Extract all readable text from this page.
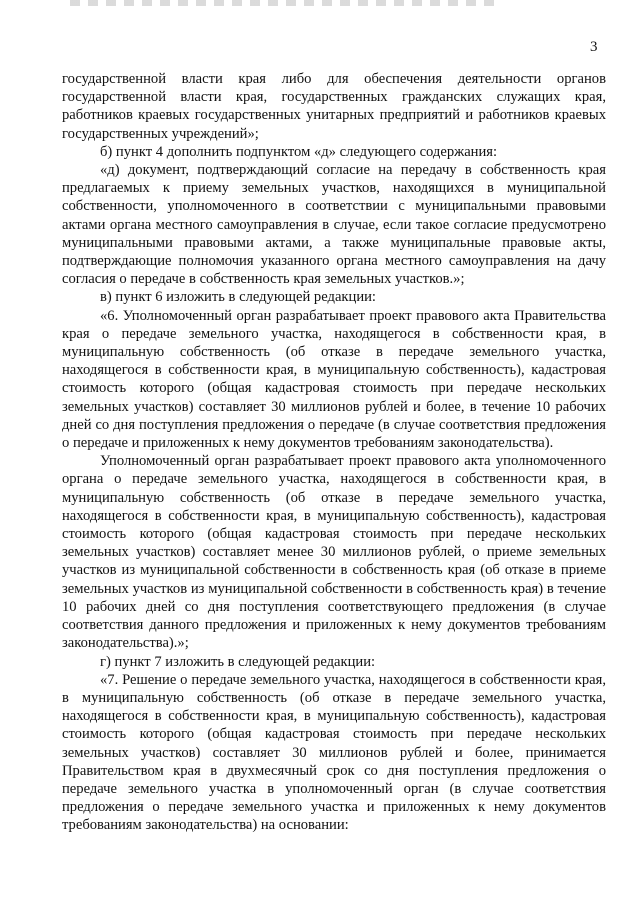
3

государственной власти края либо для обеспечения деятельности органов государственной власти края, государственных гражданских служащих края, работников краевых государственных унитарных предприятий и работников краевых государственных учреждений»;

б) пункт 4 дополнить подпунктом «д» следующего содержания:

«д) документ, подтверждающий согласие на передачу в собственность края предлагаемых к приему земельных участков, находящихся в муниципальной собственности, уполномоченного в соответствии с муниципальными правовыми актами органа местного самоуправления в случае, если такое согласие предусмотрено муниципальными правовыми актами, а также муниципальные правовые акты, подтверждающие полномочия указанного органа местного самоуправления на дачу согласия о передаче в собственность края земельных участков.»;

в) пункт 6 изложить в следующей редакции:

«6. Уполномоченный орган разрабатывает проект правового акта Правительства края о передаче земельного участка, находящегося в собственности края, в муниципальную собственность (об отказе в передаче земельного участка, находящегося в собственности края, в муниципальную собственность), кадастровая стоимость которого (общая кадастровая стоимость при передаче нескольких земельных участков) составляет 30 миллионов рублей и более, в течение 10 рабочих дней со дня поступления предложения о передаче (в случае соответствия предложения о передаче и приложенных к нему документов требованиям законодательства).

Уполномоченный орган разрабатывает проект правового акта уполномоченного органа о передаче земельного участка, находящегося в собственности края, в муниципальную собственность (об отказе в передаче земельного участка, находящегося в собственности края, в муниципальную собственность), кадастровая стоимость которого (общая кадастровая стоимость при передаче нескольких земельных участков) составляет менее 30 миллионов рублей, о приеме земельных участков из муниципальной собственности в собственность края (об отказе в приеме земельных участков из муниципальной собственности в собственность края) в течение 10 рабочих дней со дня поступления соответствующего предложения (в случае соответствия данного предложения и приложенных к нему документов требованиям законодательства).»;

г) пункт 7 изложить в следующей редакции:

«7. Решение о передаче земельного участка, находящегося в собственности края, в муниципальную собственность (об отказе в передаче земельного участка, находящегося в собственности края, в муниципальную собственность), кадастровая стоимость которого (общая кадастровая стоимость при передаче нескольких земельных участков) составляет 30 миллионов рублей и более, принимается Правительством края в двухмесячный срок со дня поступления предложения о передаче земельного участка в уполномоченный орган (в случае соответствия предложения о передаче земельного участка и приложенных к нему документов требованиям законодательства) на основании:
